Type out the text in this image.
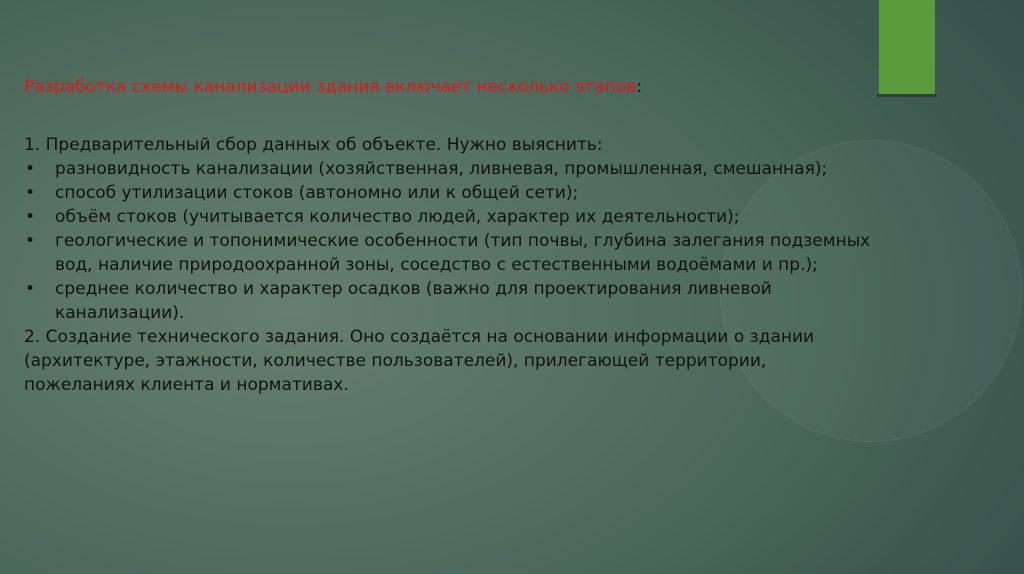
Разработка схемы канализации здания включает несколько этапов:

1. Предварительный сбор данных об объекте. Нужно выяснить:

• разновидность канализации (хозяйственная, ливневая, промышленная, смешанная);
• способ утилизации стоков (автономно или к общей сети);
• объём стоков (учитывается количество людей, характер их деятельности);
• геологические и топонимические особенности (тип почвы, глубина залегания подземных вод, наличие природоохранной зоны, соседство с естественными водоёмами и пр.);
• среднее количество и характер осадков (важно для проектирования ливневой канализации).

2. Создание технического задания. Оно создаётся на основании информации о здании (архитектуре, этажности, количестве пользователей), прилегающей территории, пожеланиях клиента и нормативах.
